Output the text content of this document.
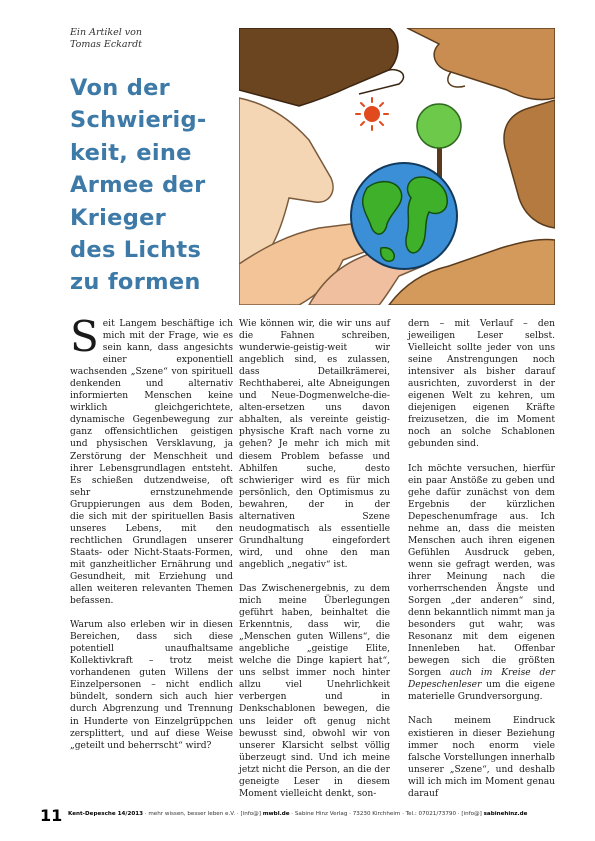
Ein Artikel von
Tomas Eckardt
Von der
Schwierig-
keit, eine
Armee der
Krieger
des Lichts
zu formen

Seit Langem beschäftige ich mich mit der Frage, wie es sein kann, dass angesichts einer exponentiell wachsenden „Szene“ von spirituell denkenden und alternativ informierten Menschen keine wirklich gleichgerichtete, dynamische Gegenbewegung zur ganz offensichtlichen geistigen und physischen Versklavung, ja Zerstörung der Menschheit und ihrer Lebensgrundlagen entsteht. Es schießen dutzendweise, oft sehr ernstzunehmende Gruppierungen aus dem Boden, die sich mit der spirituellen Basis unseres Lebens, mit den rechtlichen Grundlagen unserer Staats- oder Nicht-Staats-Formen, mit ganzheitlicher Ernährung und Gesundheit, mit Erziehung und allen weiteren relevanten Themen befassen.

Warum also erleben wir in diesen Bereichen, dass sich diese potentiell unaufhaltsame Kollektivkraft – trotz meist vorhandenen guten Willens der Einzelpersonen – nicht endlich bündelt, sondern sich auch hier durch Abgrenzung und Trennung in Hunderte von Einzelgrüppchen zersplittert, und auf diese Weise „geteilt und beherrscht“ wird?

Wie können wir, die wir uns auf die Fahnen schreiben, wunderwie-geistig-weit wir angeblich sind, es zulassen, dass Detailkrämerei, Rechthaberei, alte Abneigungen und Neue-Dogmenwelche-die-alten-ersetzen uns davon abhalten, als vereinte geistig-physische Kraft nach vorne zu gehen? Je mehr ich mich mit diesem Problem befasse und Abhilfen suche, desto schwieriger wird es für mich persönlich, den Optimismus zu bewahren, der in der alternativen Szene neudogmatisch als essentielle Grundhaltung eingefordert wird, und ohne den man angeblich „negativ“ ist.

Das Zwischenergebnis, zu dem mich meine Überlegungen geführt haben, beinhaltet die Erkenntnis, dass wir, die „Menschen guten Willens“, die angebliche „geistige Elite, welche die Dinge kapiert hat“, uns selbst immer noch hinter allzu viel Unehrlichkeit verbergen und in Denkschablonen bewegen, die uns leider oft genug nicht bewusst sind, obwohl wir von unserer Klarsicht selbst völlig überzeugt sind. Und ich meine jetzt nicht die Person, an die der geneigte Leser in diesem Moment vielleicht denkt, son-

dern – mit Verlauf – den jeweiligen Leser selbst. Vielleicht sollte jeder von uns seine Anstrengungen noch intensiver als bisher darauf ausrichten, zuvorderst in der eigenen Welt zu kehren, um diejenigen eigenen Kräfte freizusetzen, die im Moment noch an solche Schablonen gebunden sind.

Ich möchte versuchen, hierfür ein paar Anstöße zu geben und gehe dafür zunächst von dem Ergebnis der kürzlichen Depeschenumfrage aus. Ich nehme an, dass die meisten Menschen auch ihren eigenen Gefühlen Ausdruck geben, wenn sie gefragt werden, was ihrer Meinung nach die vorherrschenden Ängste und Sorgen „der anderen“ sind, denn bekanntlich nimmt man ja besonders gut wahr, was Resonanz mit dem eigenen Innenleben hat. Offenbar bewegen sich die größten Sorgen auch im Kreise der Depeschenleser um die eigene materielle Grundversorgung.

Nach meinem Eindruck existieren in dieser Beziehung immer noch enorm viele falsche Vorstellungen innerhalb unserer „Szene“, und deshalb will ich mich im Moment genau darauf

11 Kent-Depesche 14/2013 · mehr wissen, besser leben e.V. · [info@] mwbl.de · Sabine Hinz Verlag · 73230 Kirchheim · Tel.: 07021/73790 · [info@] sabinehinz.de
